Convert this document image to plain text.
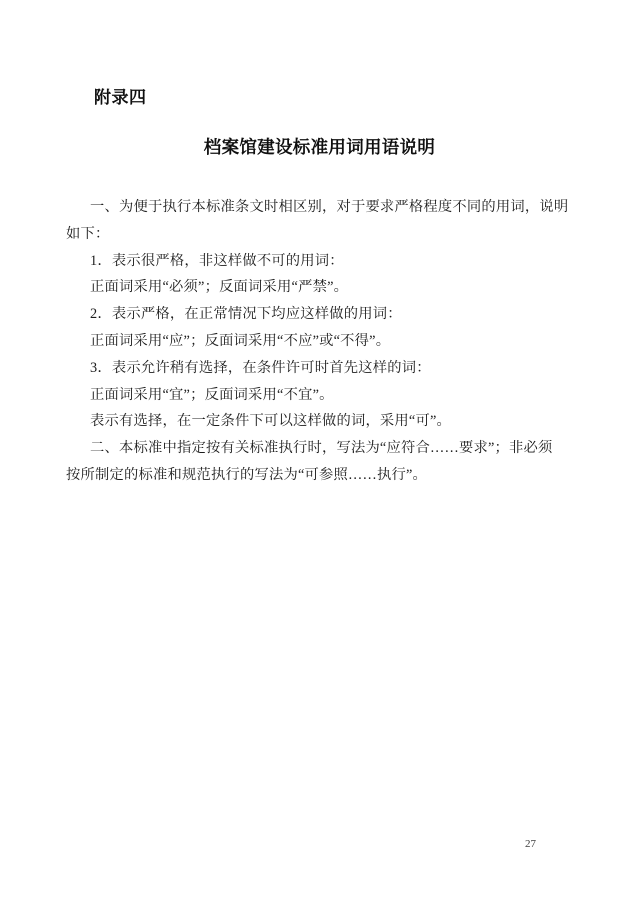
附录四
档案馆建设标准用词用语说明
一、为便于执行本标准条文时相区别，对于要求严格程度不同的用词，说明
如下：
1．表示很严格，非这样做不可的用词：
正面词采用“必须”；反面词采用“严禁”。
2．表示严格，在正常情况下均应这样做的用词：
正面词采用“应”；反面词采用“不应”或“不得”。
3．表示允许稍有选择，在条件许可时首先这样的词：
正面词采用“宜”；反面词采用“不宜”。
表示有选择，在一定条件下可以这样做的词，采用“可”。
二、本标准中指定按有关标准执行时，写法为“应符合……要求”；非必须
按所制定的标准和规范执行的写法为“可参照……执行”。
27
